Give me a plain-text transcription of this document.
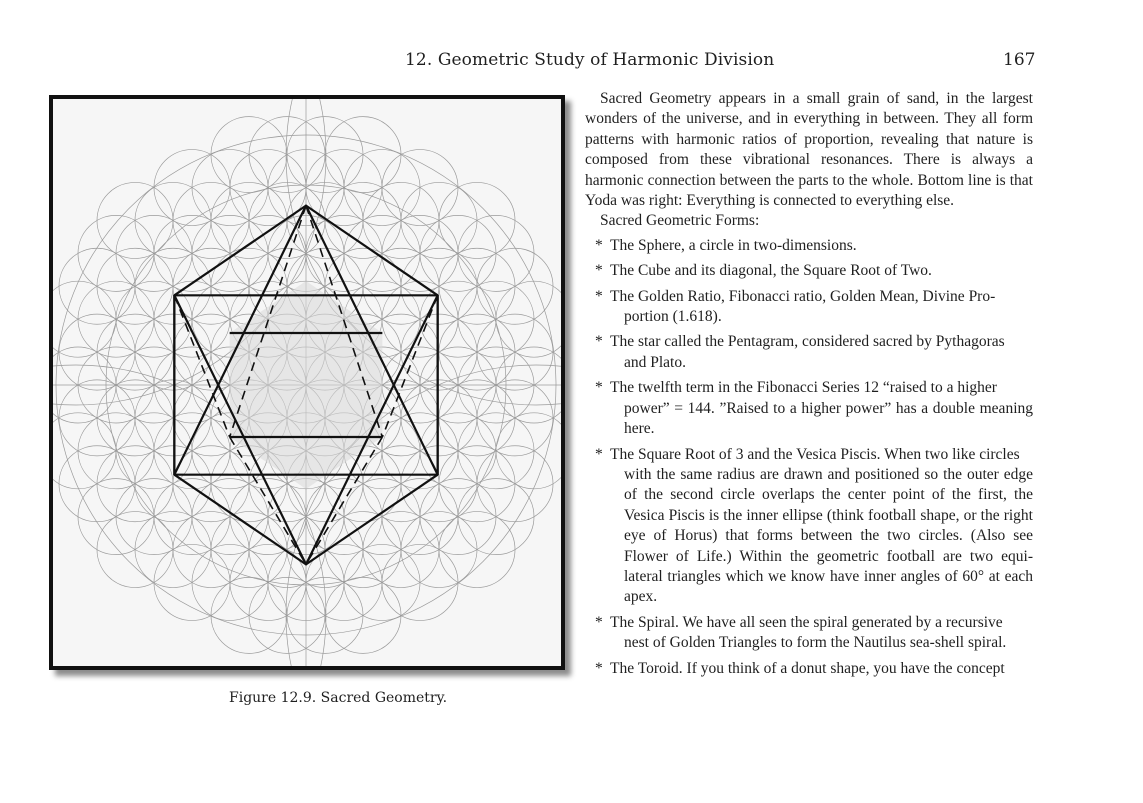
12. Geometric Study of Harmonic Division	167
Figure 12.9. Sacred Geometry.

Sacred Geometry appears in a small grain of sand, in the largest wonders of the universe, and in everything in between. They all form patterns with harmonic ratios of proportion, revealing that nature is composed from these vibrational resonances. There is always a harmonic connection between the parts to the whole. Bottom line is that Yoda was right: Everything is connected to everything else.

Sacred Geometric Forms:

* The Sphere, a circle in two-dimensions.
* The Cube and its diagonal, the Square Root of Two.
* The Golden Ratio, Fibonacci ratio, Golden Mean, Divine Pro-
portion (1.618).
* The star called the Pentagram, considered sacred by Pythagoras
and Plato.
* The twelfth term in the Fibonacci Series 12 “raised to a higher
power” = 144. ”Raised to a higher power” has a double meaning here.
* The Square Root of 3 and the Vesica Piscis. When two like circles
with the same radius are drawn and positioned so the outer edge of the second circle overlaps the center point of the first, the Vesica Piscis is the inner ellipse (think football shape, or the right eye of Horus) that forms between the two circles. (Also see Flower of Life.) Within the geometric football are two equi-lateral triangles which we know have inner angles of 60° at each apex.
* The Spiral. We have all seen the spiral generated by a recursive
nest of Golden Triangles to form the Nautilus sea-shell spiral.
* The Toroid. If you think of a donut shape, you have the concept
